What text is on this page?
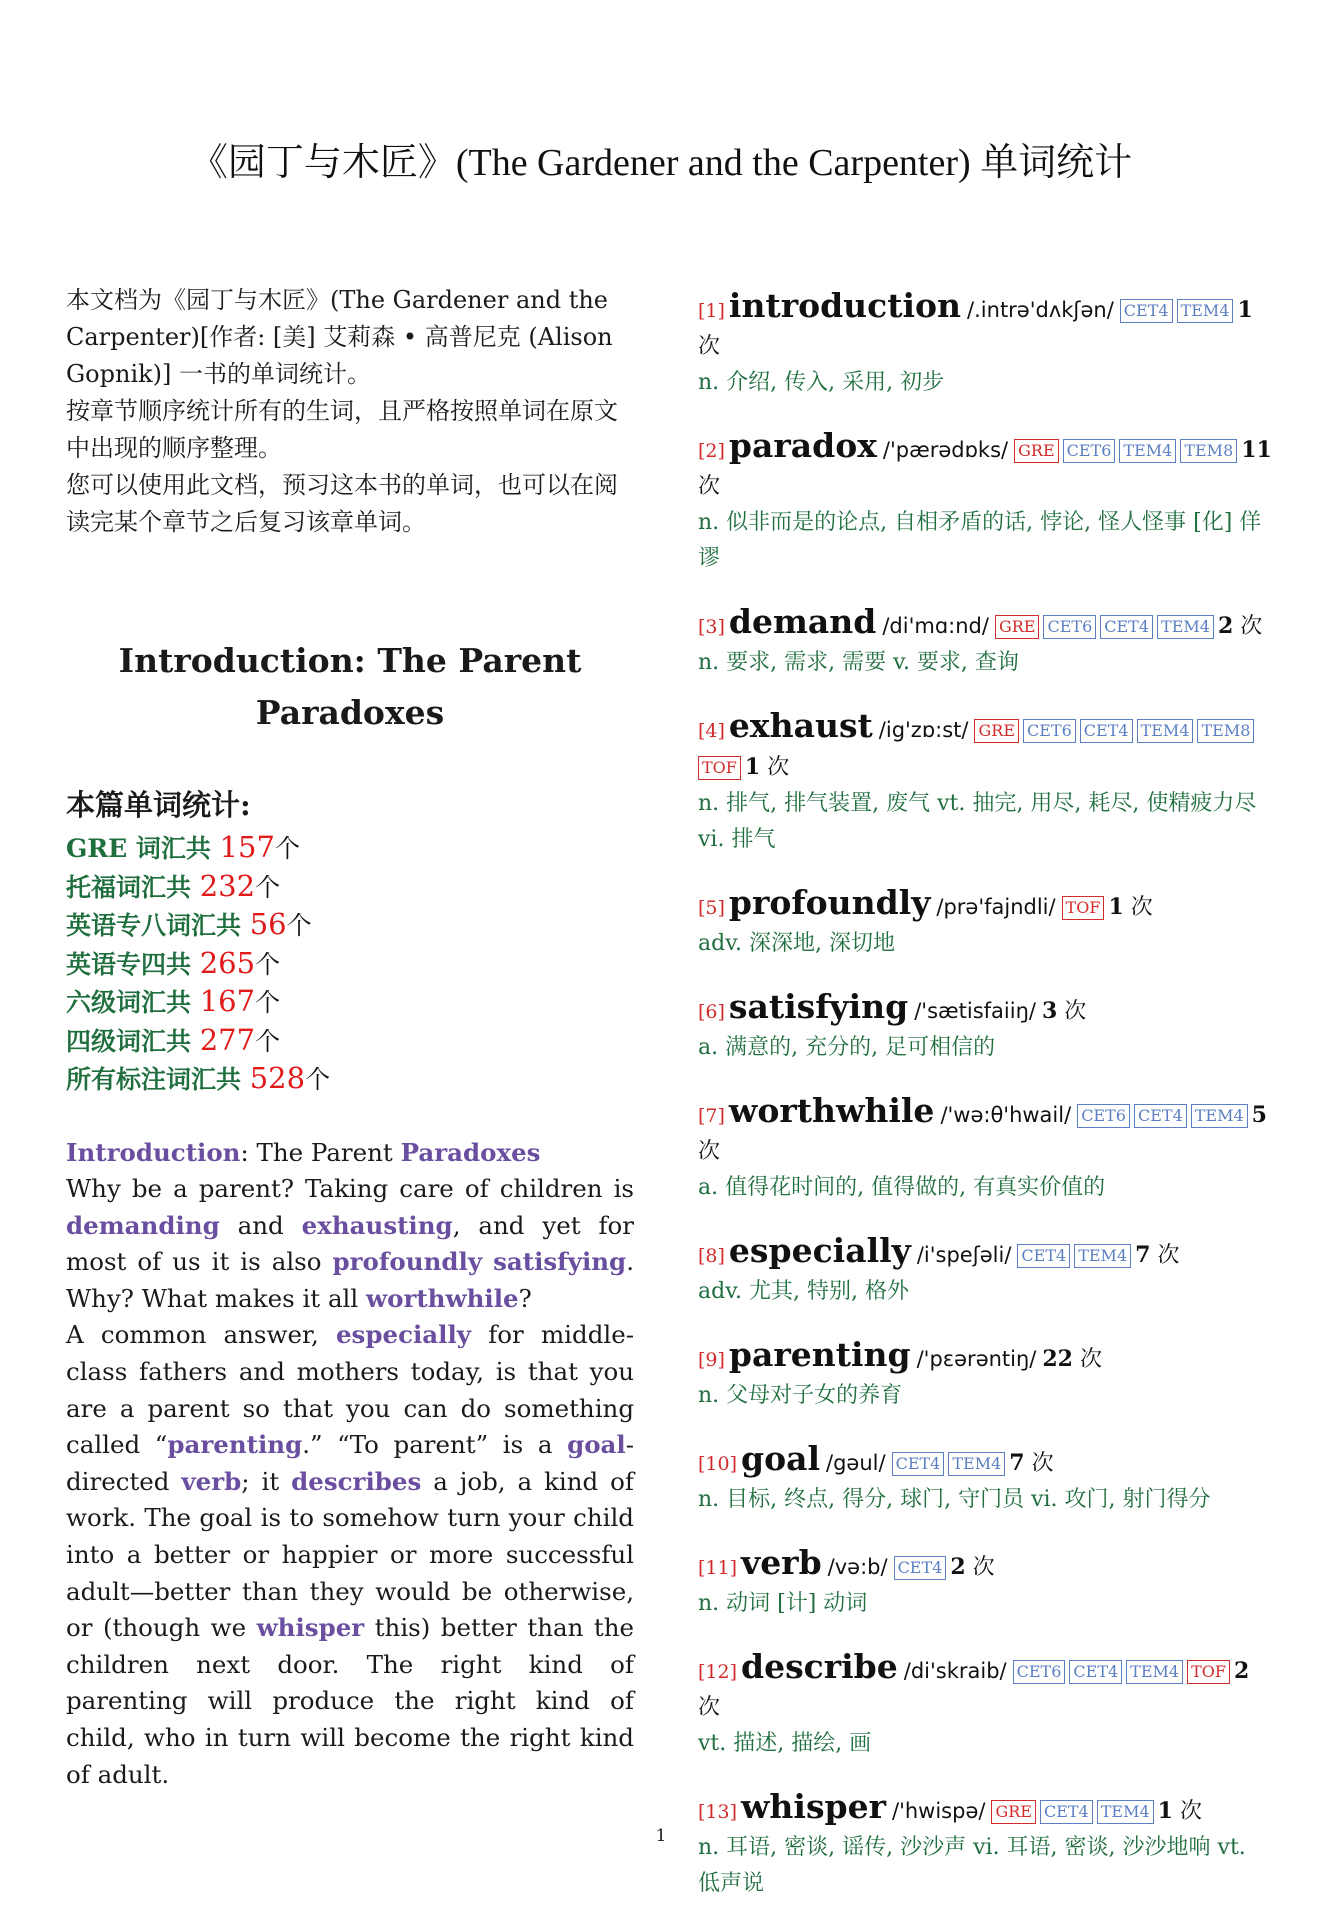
《园丁与木匠》(The Gardener and the Carpenter) 单词统计

本文档为《园丁与木匠》(The Gardener and the Carpenter)[作者: [美] 艾莉森 • 高普尼克 (Alison Gopnik)] 一书的单词统计。

按章节顺序统计所有的生词，且严格按照单词在原文中出现的顺序整理。

您可以使用此文档，预习这本书的单词，也可以在阅读完某个章节之后复习该章单词。

Introduction: The Parent Paradoxes
本篇单词统计:
GRE 词汇共 157个
托福词汇共 232个
英语专八词汇共 56个
英语专四共 265个
六级词汇共 167个
四级词汇共 277个
所有标注词汇共 528个

Introduction: The Parent Paradoxes

Why be a parent? Taking care of children is demanding and exhausting, and yet for most of us it is also profoundly satisfying. Why? What makes it all worthwhile?

A common answer, especially for middle-class fathers and mothers today, is that you are a parent so that you can do something called “parenting.” “To parent” is a goal-directed verb; it describes a job, a kind of work. The goal is to somehow turn your child into a better or happier or more successful adult—better than they would be otherwise, or (though we whisper this) better than the children next door. The right kind of parenting will produce the right kind of child, who in turn will become the right kind of adult.

[1] introduction /.intrə'dʌkʃən/ CET4 TEM4 1 次
n. 介绍, 传入, 采用, 初步
[2] paradox /'pærədɒks/ GRE CET6 TEM4 TEM8 11 次
n. 似非而是的论点, 自相矛盾的话, 悖论, 怪人怪事 [化] 佯谬
[3] demand /di'mɑ:nd/ GRE CET6 CET4 TEM4 2 次
n. 要求, 需求, 需要 v. 要求, 查询
[4] exhaust /ig'zɒ:st/ GRE CET6 CET4 TEM4 TEM8TOF 1 次
n. 排气, 排气装置, 废气 vt. 抽完, 用尽, 耗尽, 使精疲力尽 vi. 排气
[5] profoundly /prə'fajndli/ TOF 1 次
adv. 深深地, 深切地
[6] satisfying /'sætisfaiiŋ/ 3 次
a. 满意的, 充分的, 足可相信的
[7] worthwhile /'wə:θ'hwail/ CET6 CET4 TEM4 5 次
a. 值得花时间的, 值得做的, 有真实价值的
[8] especially /i'speʃəli/ CET4 TEM4 7 次
adv. 尤其, 特别, 格外
[9] parenting /'pɛərəntiŋ/ 22 次
n. 父母对子女的养育
[10] goal /gəul/ CET4 TEM4 7 次
n. 目标, 终点, 得分, 球门, 守门员 vi. 攻门, 射门得分
[11] verb /və:b/ CET4 2 次
n. 动词 [计] 动词
[12] describe /di'skraib/ CET6 CET4 TEM4 TOF 2 次
vt. 描述, 描绘, 画
[13] whisper /'hwispə/ GRE CET4 TEM4 1 次
n. 耳语, 密谈, 谣传, 沙沙声 vi. 耳语, 密谈, 沙沙地响 vt. 低声说
1
